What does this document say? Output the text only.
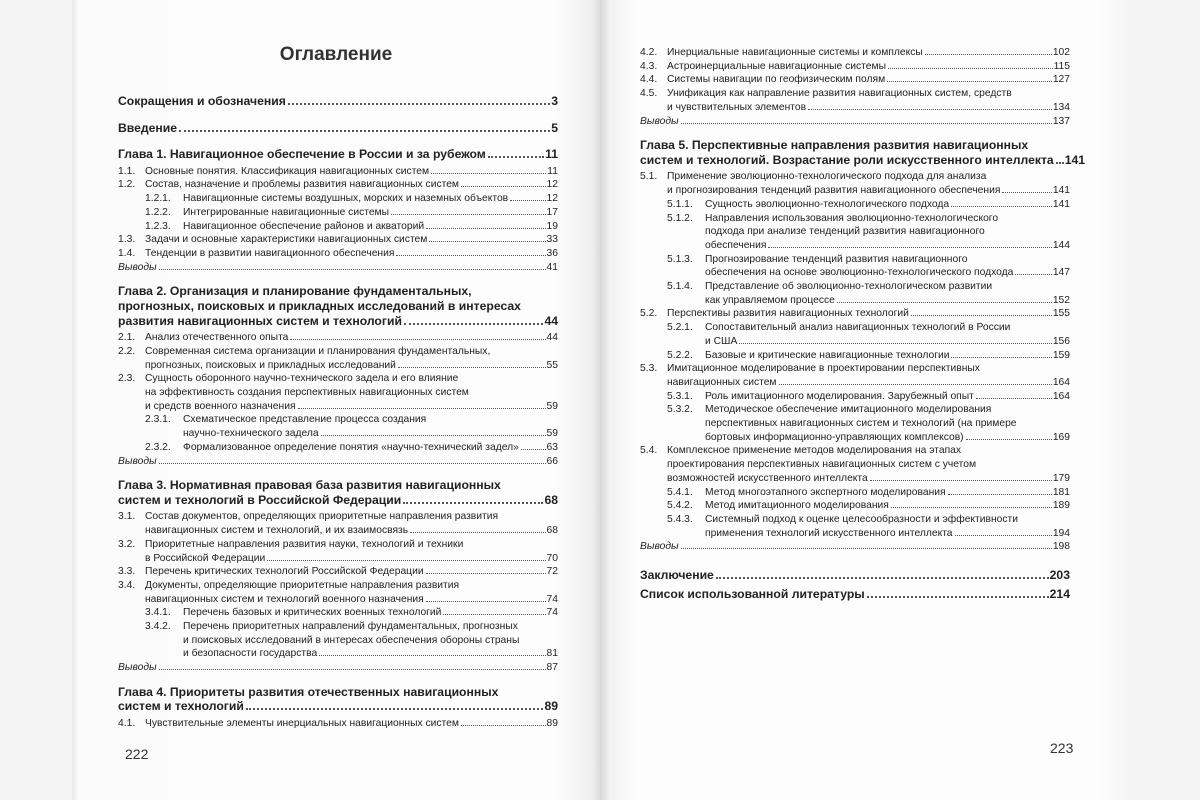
Оглавление
Сокращения и обозначения	3
Введение	5
Глава 1. Навигационное обеспечение в России и за рубежом	11
1.1. Основные понятия. Классификация навигационных систем	11
1.2. Состав, назначение и проблемы развития навигационных систем	12
1.2.1. Навигационные системы воздушных, морских и наземных объектов	12
1.2.2. Интегрированные навигационные системы	17
1.2.3. Навигационное обеспечение районов и акваторий	19
1.3. Задачи и основные характеристики навигационных систем	33
1.4. Тенденции в развитии навигационного обеспечения	36
Выводы	41
Глава 2. Организация и планирование фундаментальных,
прогнозных, поисковых и прикладных исследований в интересах
развития навигационных систем и технологий	44
2.1. Анализ отечественного опыта	44
2.2. Современная система организации и планирования фундаментальных,
прогнозных, поисковых и прикладных исследований	55
2.3. Сущность оборонного научно-технического задела и его влияние
на эффективность создания перспективных навигационных систем
и средств военного назначения	59
2.3.1. Схематическое представление процесса создания
научно-технического задела	59
2.3.2. Формализованное определение понятия «научно-технический задел»	63
Выводы	66
Глава 3. Нормативная правовая база развития навигационных
систем и технологий в Российской Федерации	68
3.1. Состав документов, определяющих приоритетные направления развития
навигационных систем и технологий, и их взаимосвязь	68
3.2. Приоритетные направления развития науки, технологий и техники
в Российской Федерации	70
3.3. Перечень критических технологий Российской Федерации	72
3.4. Документы, определяющие приоритетные направления развития
навигационных систем и технологий военного назначения	74
3.4.1. Перечень базовых и критических военных технологий	74
3.4.2. Перечень приоритетных направлений фундаментальных, прогнозных
и поисковых исследований в интересах обеспечения обороны страны
и безопасности государства	81
Выводы	87
Глава 4. Приоритеты развития отечественных навигационных
систем и технологий	89
4.1. Чувствительные элементы инерциальных навигационных систем	89
222
4.2. Инерциальные навигационные системы и комплексы	102
4.3. Астроинерциальные навигационные системы	115
4.4. Системы навигации по геофизическим полям	127
4.5. Унификация как направление развития навигационных систем, средств
и чувствительных элементов	134
Выводы	137
Глава 5. Перспективные направления развития навигационных
систем и технологий. Возрастание роли искусственного интеллекта 141
5.1. Применение эволюционно-технологического подхода для анализа
и прогнозирования тенденций развития навигационного обеспечения	141
5.1.1. Сущность эволюционно-технологического подхода	141
5.1.2. Направления использования эволюционно-технологического
подхода при анализе тенденций развития навигационного
обеспечения	144
5.1.3. Прогнозирование тенденций развития навигационного
обеспечения на основе эволюционно-технологического подхода	147
5.1.4. Представление об эволюционно-технологическом развитии
как управляемом процессе	152
5.2. Перспективы развития навигационных технологий	155
5.2.1. Сопоставительный анализ навигационных технологий в России
и США	156
5.2.2. Базовые и критические навигационные технологии	159
5.3. Имитационное моделирование в проектировании перспективных
навигационных систем	164
5.3.1. Роль имитационного моделирования. Зарубежный опыт	164
5.3.2. Методическое обеспечение имитационного моделирования
перспективных навигационных систем и технологий (на примере
бортовых информационно-управляющих комплексов)	169
5.4. Комплексное применение методов моделирования на этапах
проектирования перспективных навигационных систем с учетом
возможностей искусственного интеллекта	179
5.4.1. Метод многоэтапного экспертного моделирования	181
5.4.2. Метод имитационного моделирования	189
5.4.3. Системный подход к оценке целесообразности и эффективности
применения технологий искусственного интеллекта	194
Выводы	198
Заключение	203
Список использованной литературы	214
223
